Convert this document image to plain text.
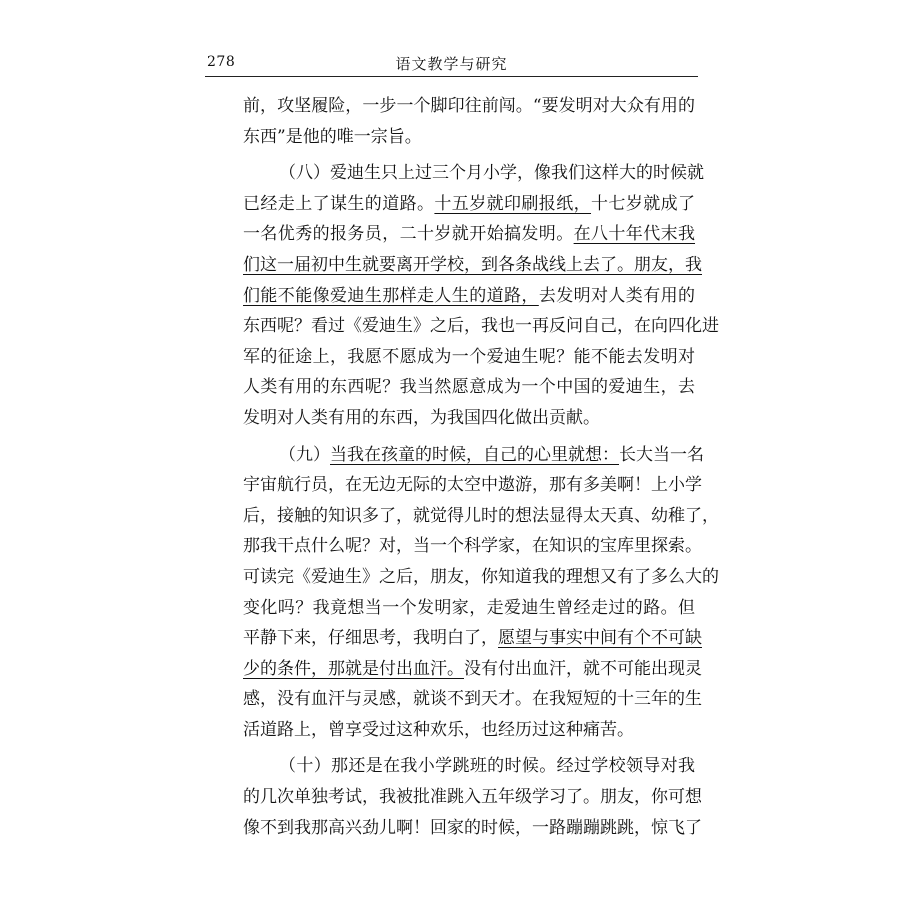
278	语文教学与研究
前，攻坚履险，一步一个脚印往前闯。“要发明对大众有用的
东西”是他的唯一宗旨。
（八）爱迪生只上过三个月小学，像我们这样大的时候就
已经走上了谋生的道路。十五岁就印刷报纸，十七岁就成了
一名优秀的报务员，二十岁就开始搞发明。在八十年代末我
们这一届初中生就要离开学校，到各条战线上去了。朋友，我
们能不能像爱迪生那样走人生的道路，去发明对人类有用的
东西呢？看过《爱迪生》之后，我也一再反问自己，在向四化进
军的征途上，我愿不愿成为一个爱迪生呢？能不能去发明对
人类有用的东西呢？我当然愿意成为一个中国的爱迪生，去
发明对人类有用的东西，为我国四化做出贡献。
（九）当我在孩童的时候，自己的心里就想：长大当一名
宇宙航行员，在无边无际的太空中遨游，那有多美啊！上小学
后，接触的知识多了，就觉得儿时的想法显得太天真、幼稚了，
那我干点什么呢？对，当一个科学家，在知识的宝库里探索。
可读完《爱迪生》之后，朋友，你知道我的理想又有了多么大的
变化吗？我竟想当一个发明家，走爱迪生曾经走过的路。但
平静下来，仔细思考，我明白了，愿望与事实中间有个不可缺
少的条件，那就是付出血汗。没有付出血汗，就不可能出现灵
感，没有血汗与灵感，就谈不到天才。在我短短的十三年的生
活道路上，曾享受过这种欢乐，也经历过这种痛苦。
（十）那还是在我小学跳班的时候。经过学校领导对我
的几次单独考试，我被批准跳入五年级学习了。朋友，你可想
像不到我那高兴劲儿啊！回家的时候，一路蹦蹦跳跳，惊飞了
